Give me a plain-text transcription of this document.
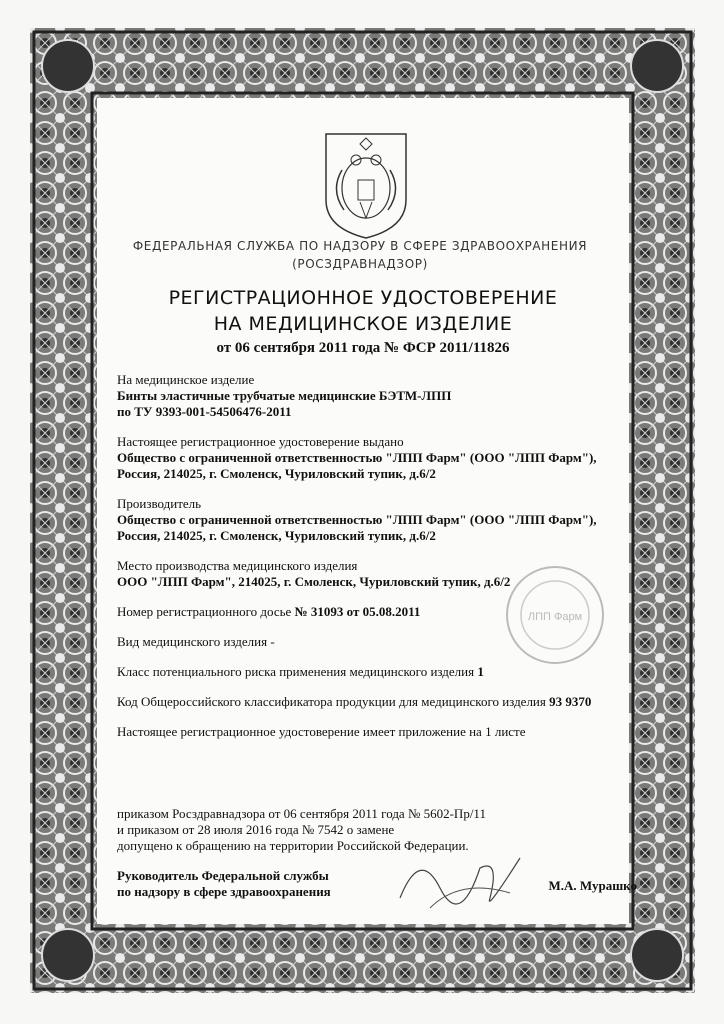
ФЕДЕРАЛЬНАЯ СЛУЖБА ПО НАДЗОРУ В СФЕРЕ ЗДРАВООХРАНЕНИЯ
(РОСЗДРАВНАДЗОР)
РЕГИСТРАЦИОННОЕ УДОСТОВЕРЕНИЕ
НА МЕДИЦИНСКОЕ ИЗДЕЛИЕ
от 06 сентября 2011 года № ФСР 2011/11826
На медицинское изделие
Бинты эластичные трубчатые медицинские БЭТМ-ЛПП
по ТУ 9393-001-54506476-2011
Настоящее регистрационное удостоверение выдано
Общество с ограниченной ответственностью "ЛПП Фарм" (ООО "ЛПП Фарм"),
Россия, 214025, г. Смоленск, Чуриловский тупик, д.6/2
Производитель
Общество с ограниченной ответственностью "ЛПП Фарм" (ООО "ЛПП Фарм"),
Россия, 214025, г. Смоленск, Чуриловский тупик, д.6/2
Место производства медицинского изделия
ООО "ЛПП Фарм", 214025, г. Смоленск, Чуриловский тупик, д.6/2
Номер регистрационного досье № 31093 от 05.08.2011
Вид медицинского изделия -
Класс потенциального риска применения медицинского изделия 1
Код Общероссийского классификатора продукции для медицинского изделия 93 9370
Настоящее регистрационное удостоверение имеет приложение на 1 листе
приказом Росздравнадзора от 06 сентября 2011 года № 5602-Пр/11
и приказом от 28 июля 2016 года № 7542 о замене
допущено к обращению на территории Российской Федерации.
Руководитель Федеральной службы
по надзору в сфере здравоохранения	М.А. Мурашко
ЛПП Фарм
